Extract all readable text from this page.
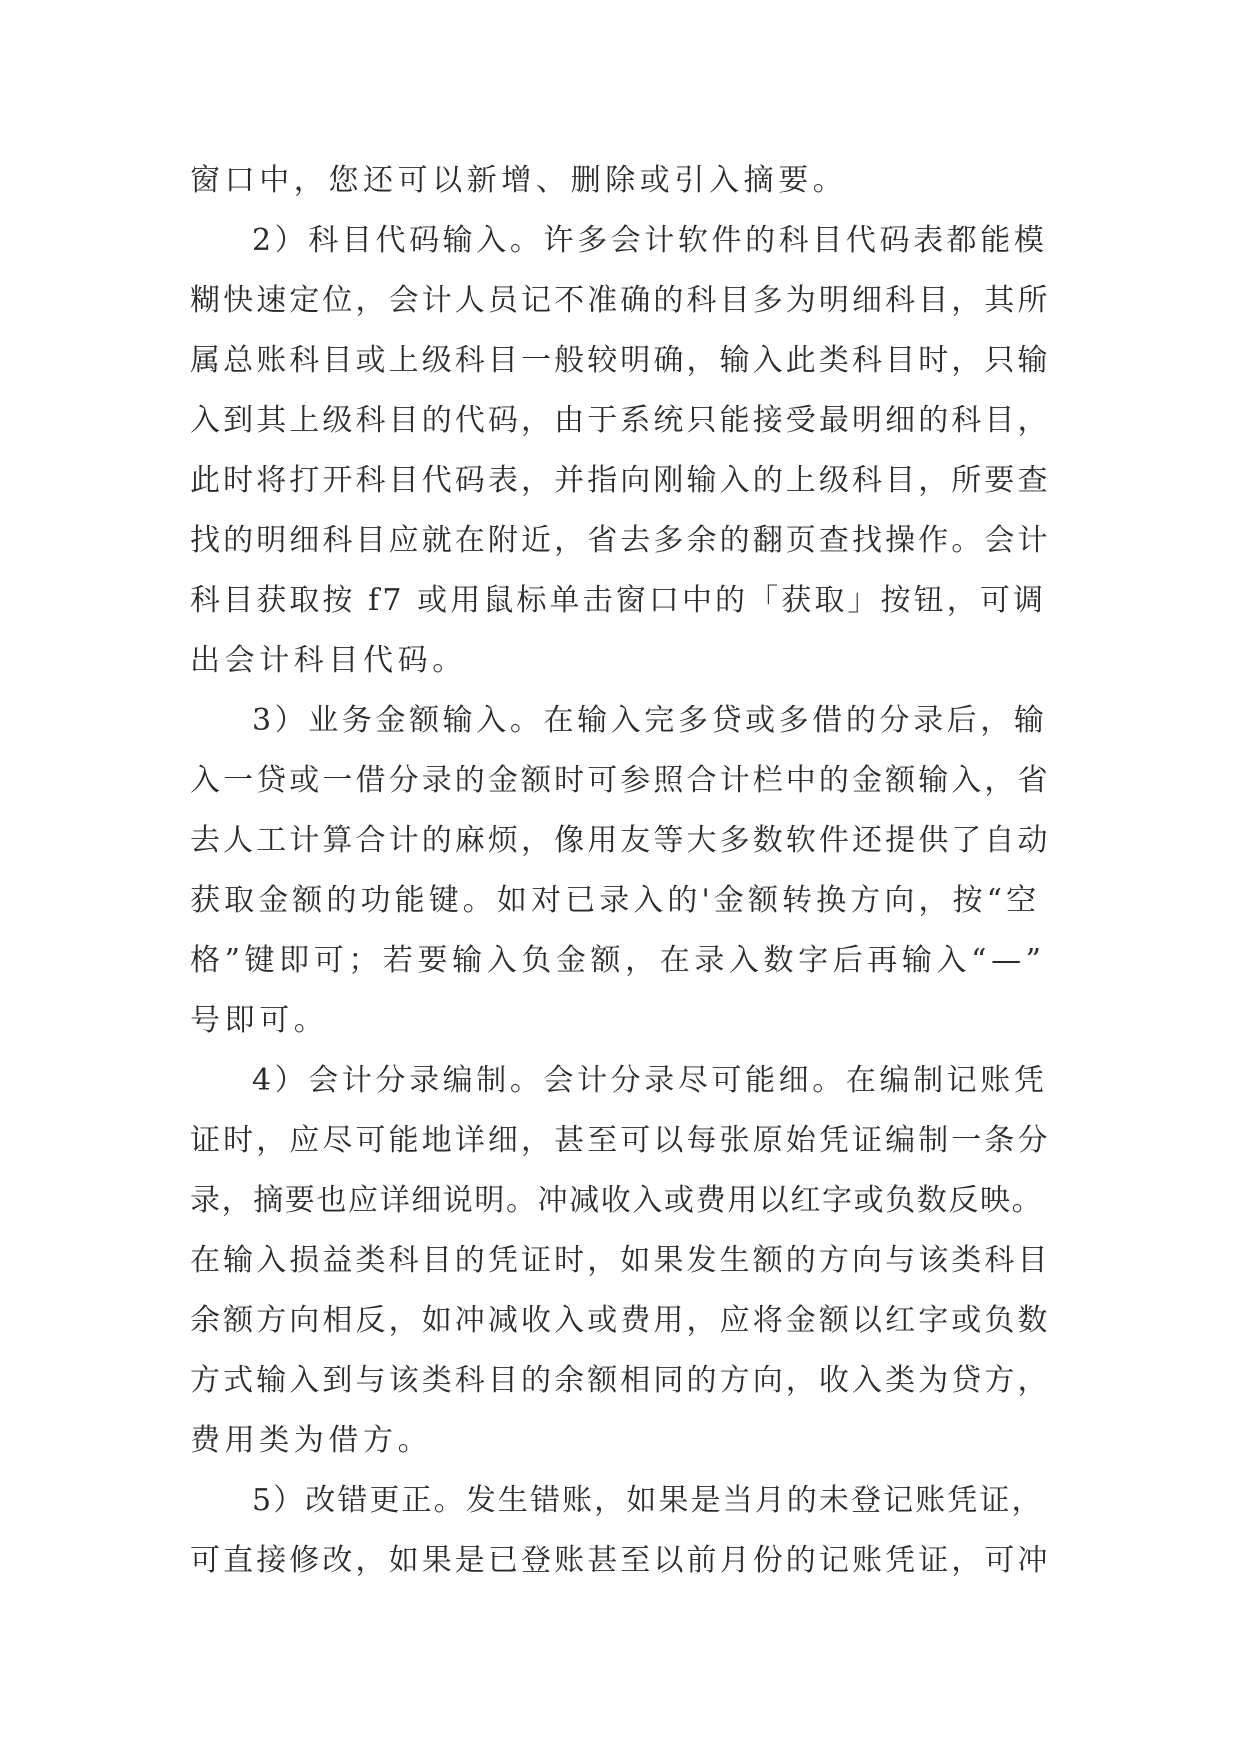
窗口中，您还可以新增、删除或引入摘要。
2）科目代码输入。许多会计软件的科目代码表都能模
糊快速定位，会计人员记不准确的科目多为明细科目，其所
属总账科目或上级科目一般较明确，输入此类科目时，只输
入到其上级科目的代码，由于系统只能接受最明细的科目，
此时将打开科目代码表，并指向刚输入的上级科目，所要查
找的明细科目应就在附近，省去多余的翻页查找操作。会计
科目获取按 f7 或用鼠标单击窗口中的「获取」按钮，可调
出会计科目代码。
3）业务金额输入。在输入完多贷或多借的分录后，输
入一贷或一借分录的金额时可参照合计栏中的金额输入，省
去人工计算合计的麻烦，像用友等大多数软件还提供了自动
获取金额的功能键。如对已录入的'金额转换方向，按“空
格”键即可；若要输入负金额，在录入数字后再输入“—”
号即可。
4）会计分录编制。会计分录尽可能细。在编制记账凭
证时，应尽可能地详细，甚至可以每张原始凭证编制一条分
录，摘要也应详细说明。冲减收入或费用以红字或负数反映。
在输入损益类科目的凭证时，如果发生额的方向与该类科目
余额方向相反，如冲减收入或费用，应将金额以红字或负数
方式输入到与该类科目的余额相同的方向，收入类为贷方，
费用类为借方。
5）改错更正。发生错账，如果是当月的未登记账凭证，
可直接修改，如果是已登账甚至以前月份的记账凭证，可冲
